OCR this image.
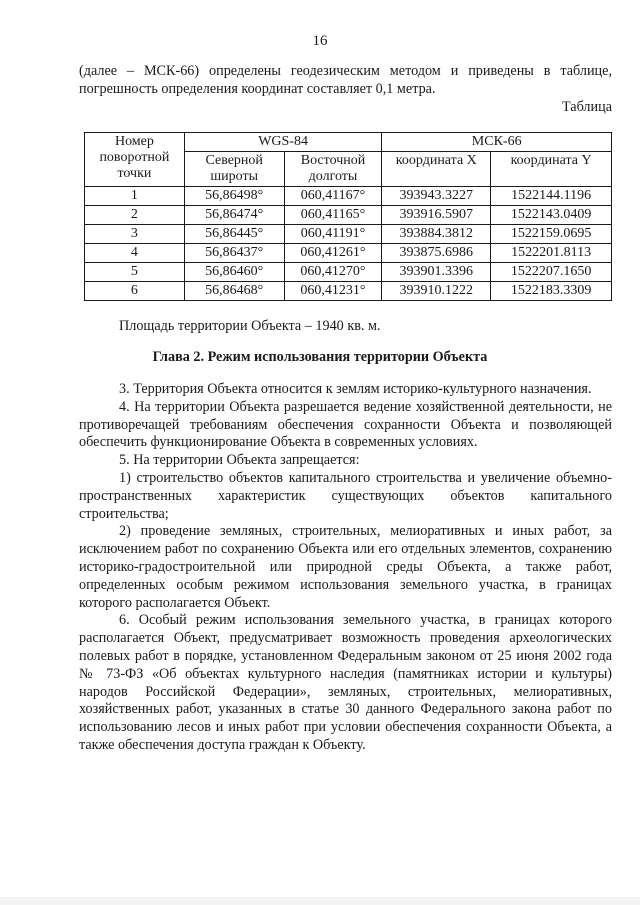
16

(далее – МСК-66) определены геодезическим методом и приведены в таблице, погрешность определения координат составляет 0,1 метра.

Таблица
Номер поворотной точки	WGS-84		МСК-66	
	Северной широты	Восточной долготы	координата X	координата Y
1	56,86498°	060,41167°	393943.3227	1522144.1196
2	56,86474°	060,41165°	393916.5907	1522143.0409
3	56,86445°	060,41191°	393884.3812	1522159.0695
4	56,86437°	060,41261°	393875.6986	1522201.8113
5	56,86460°	060,41270°	393901.3396	1522207.1650
6	56,86468°	060,41231°	393910.1222	1522183.3309
Площадь территории Объекта – 1940 кв. м.
Глава 2. Режим использования территории Объекта

3. Территория Объекта относится к землям историко-культурного назначения.

4. На территории Объекта разрешается ведение хозяйственной деятельности, не противоречащей требованиям обеспечения сохранности Объекта и позволяющей обеспечить функционирование Объекта в современных условиях.

5. На территории Объекта запрещается:

1) строительство объектов капитального строительства и увеличение объемно-пространственных характеристик существующих объектов капитального строительства;

2) проведение земляных, строительных, мелиоративных и иных работ, за исключением работ по сохранению Объекта или его отдельных элементов, сохранению историко-градостроительной или природной среды Объекта, а также работ, определенных особым режимом использования земельного участка, в границах которого располагается Объект.

6. Особый режим использования земельного участка, в границах которого располагается Объект, предусматривает возможность проведения археологических полевых работ в порядке, установленном Федеральным законом от 25 июня 2002 года № 73-ФЗ «Об объектах культурного наследия (памятниках истории и культуры) народов Российской Федерации», земляных, строительных, мелиоративных, хозяйственных работ, указанных в статье 30 данного Федерального закона работ по использованию лесов и иных работ при условии обеспечения сохранности Объекта, а также обеспечения доступа граждан к Объекту.
